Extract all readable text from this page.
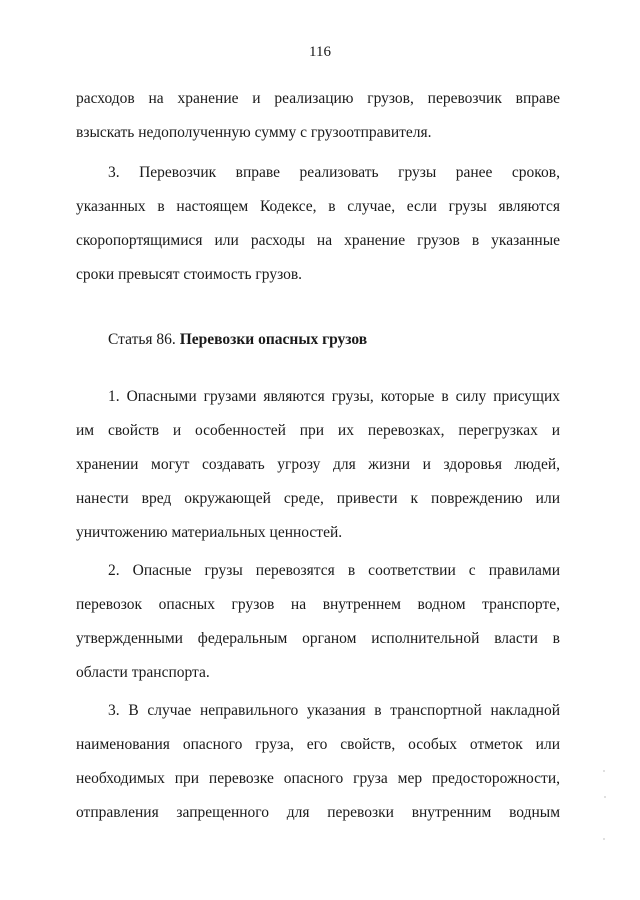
116
расходов на хранение и реализацию грузов, перевозчик вправе
взыскать недополученную сумму с грузоотправителя.
3. Перевозчик вправе реализовать грузы ранее сроков,
указанных в настоящем Кодексе, в случае, если грузы являются
скоропортящимися или расходы на хранение грузов в указанные
сроки превысят стоимость грузов.
Статья 86. Перевозки опасных грузов
1. Опасными грузами являются грузы, которые в силу присущих
им свойств и особенностей при их перевозках, перегрузках и
хранении могут создавать угрозу для жизни и здоровья людей,
нанести вред окружающей среде, привести к повреждению или
уничтожению материальных ценностей.
2. Опасные грузы перевозятся в соответствии с правилами
перевозок опасных грузов на внутреннем водном транспорте,
утвержденными федеральным органом исполнительной власти в
области транспорта.
3. В случае неправильного указания в транспортной накладной
наименования опасного груза, его свойств, особых отметок или
необходимых при перевозке опасного груза мер предосторожности,
отправления запрещенного для перевозки внутренним водным
